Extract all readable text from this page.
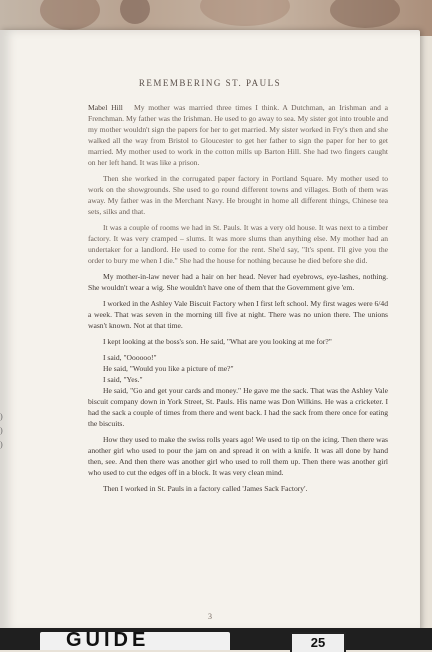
REMEMBERING ST. PAULS
)
)
)

Mabel Hill My mother was married three times I think. A Dutchman, an Irishman and a Frenchman. My father was the Irishman. He used to go away to sea. My sister got into trouble and my mother wouldn't sign the papers for her to get married. My sister worked in Fry's then and she walked all the way from Bristol to Gloucester to get her father to sign the paper for her to get married. My mother used to work in the cotton mills up Barton Hill. She had two fingers caught on her left hand. It was like a prison.

Then she worked in the corrugated paper factory in Portland Square. My mother used to work on the showgrounds. She used to go round different towns and villages. Both of them was away. My father was in the Merchant Navy. He brought in home all different things, Chinese tea sets, silks and that.

It was a couple of rooms we had in St. Pauls. It was a very old house. It was next to a timber factory. It was very cramped – slums. It was more slums than anything else. My mother had an undertaker for a landlord. He used to come for the rent. She'd say, "It's spent. I'll give you the order to bury me when I die." She had the house for nothing because he died before she did.

My mother-in-law never had a hair on her head. Never had eyebrows, eye-lashes, nothing. She wouldn't wear a wig. She wouldn't have one of them that the Government give 'em.

I worked in the Ashley Vale Biscuit Factory when I first left school. My first wages were 6/4d a week. That was seven in the morning till five at night. There was no union there. The unions wasn't known. Not at that time.

I kept looking at the boss's son. He said, "What are you looking at me for?"

I said, "Oooooo!"

He said, "Would you like a picture of me?"

I said, "Yes."

He said, "Go and get your cards and money." He gave me the sack. That was the Ashley Vale biscuit company down in York Street, St. Pauls. His name was Don Wilkins. He was a cricketer. I had the sack a couple of times from there and went back. I had the sack from there once for eating the biscuits.

How they used to make the swiss rolls years ago! We used to tip on the icing. Then there was another girl who used to pour the jam on and spread it on with a knife. It was all done by hand then, see. And then there was another girl who used to roll them up. Then there was another girl who used to cut the edges off in a block. It was very clean mind.

Then I worked in St. Pauls in a factory called 'James Sack Factory'.

3
GUIDE	25
